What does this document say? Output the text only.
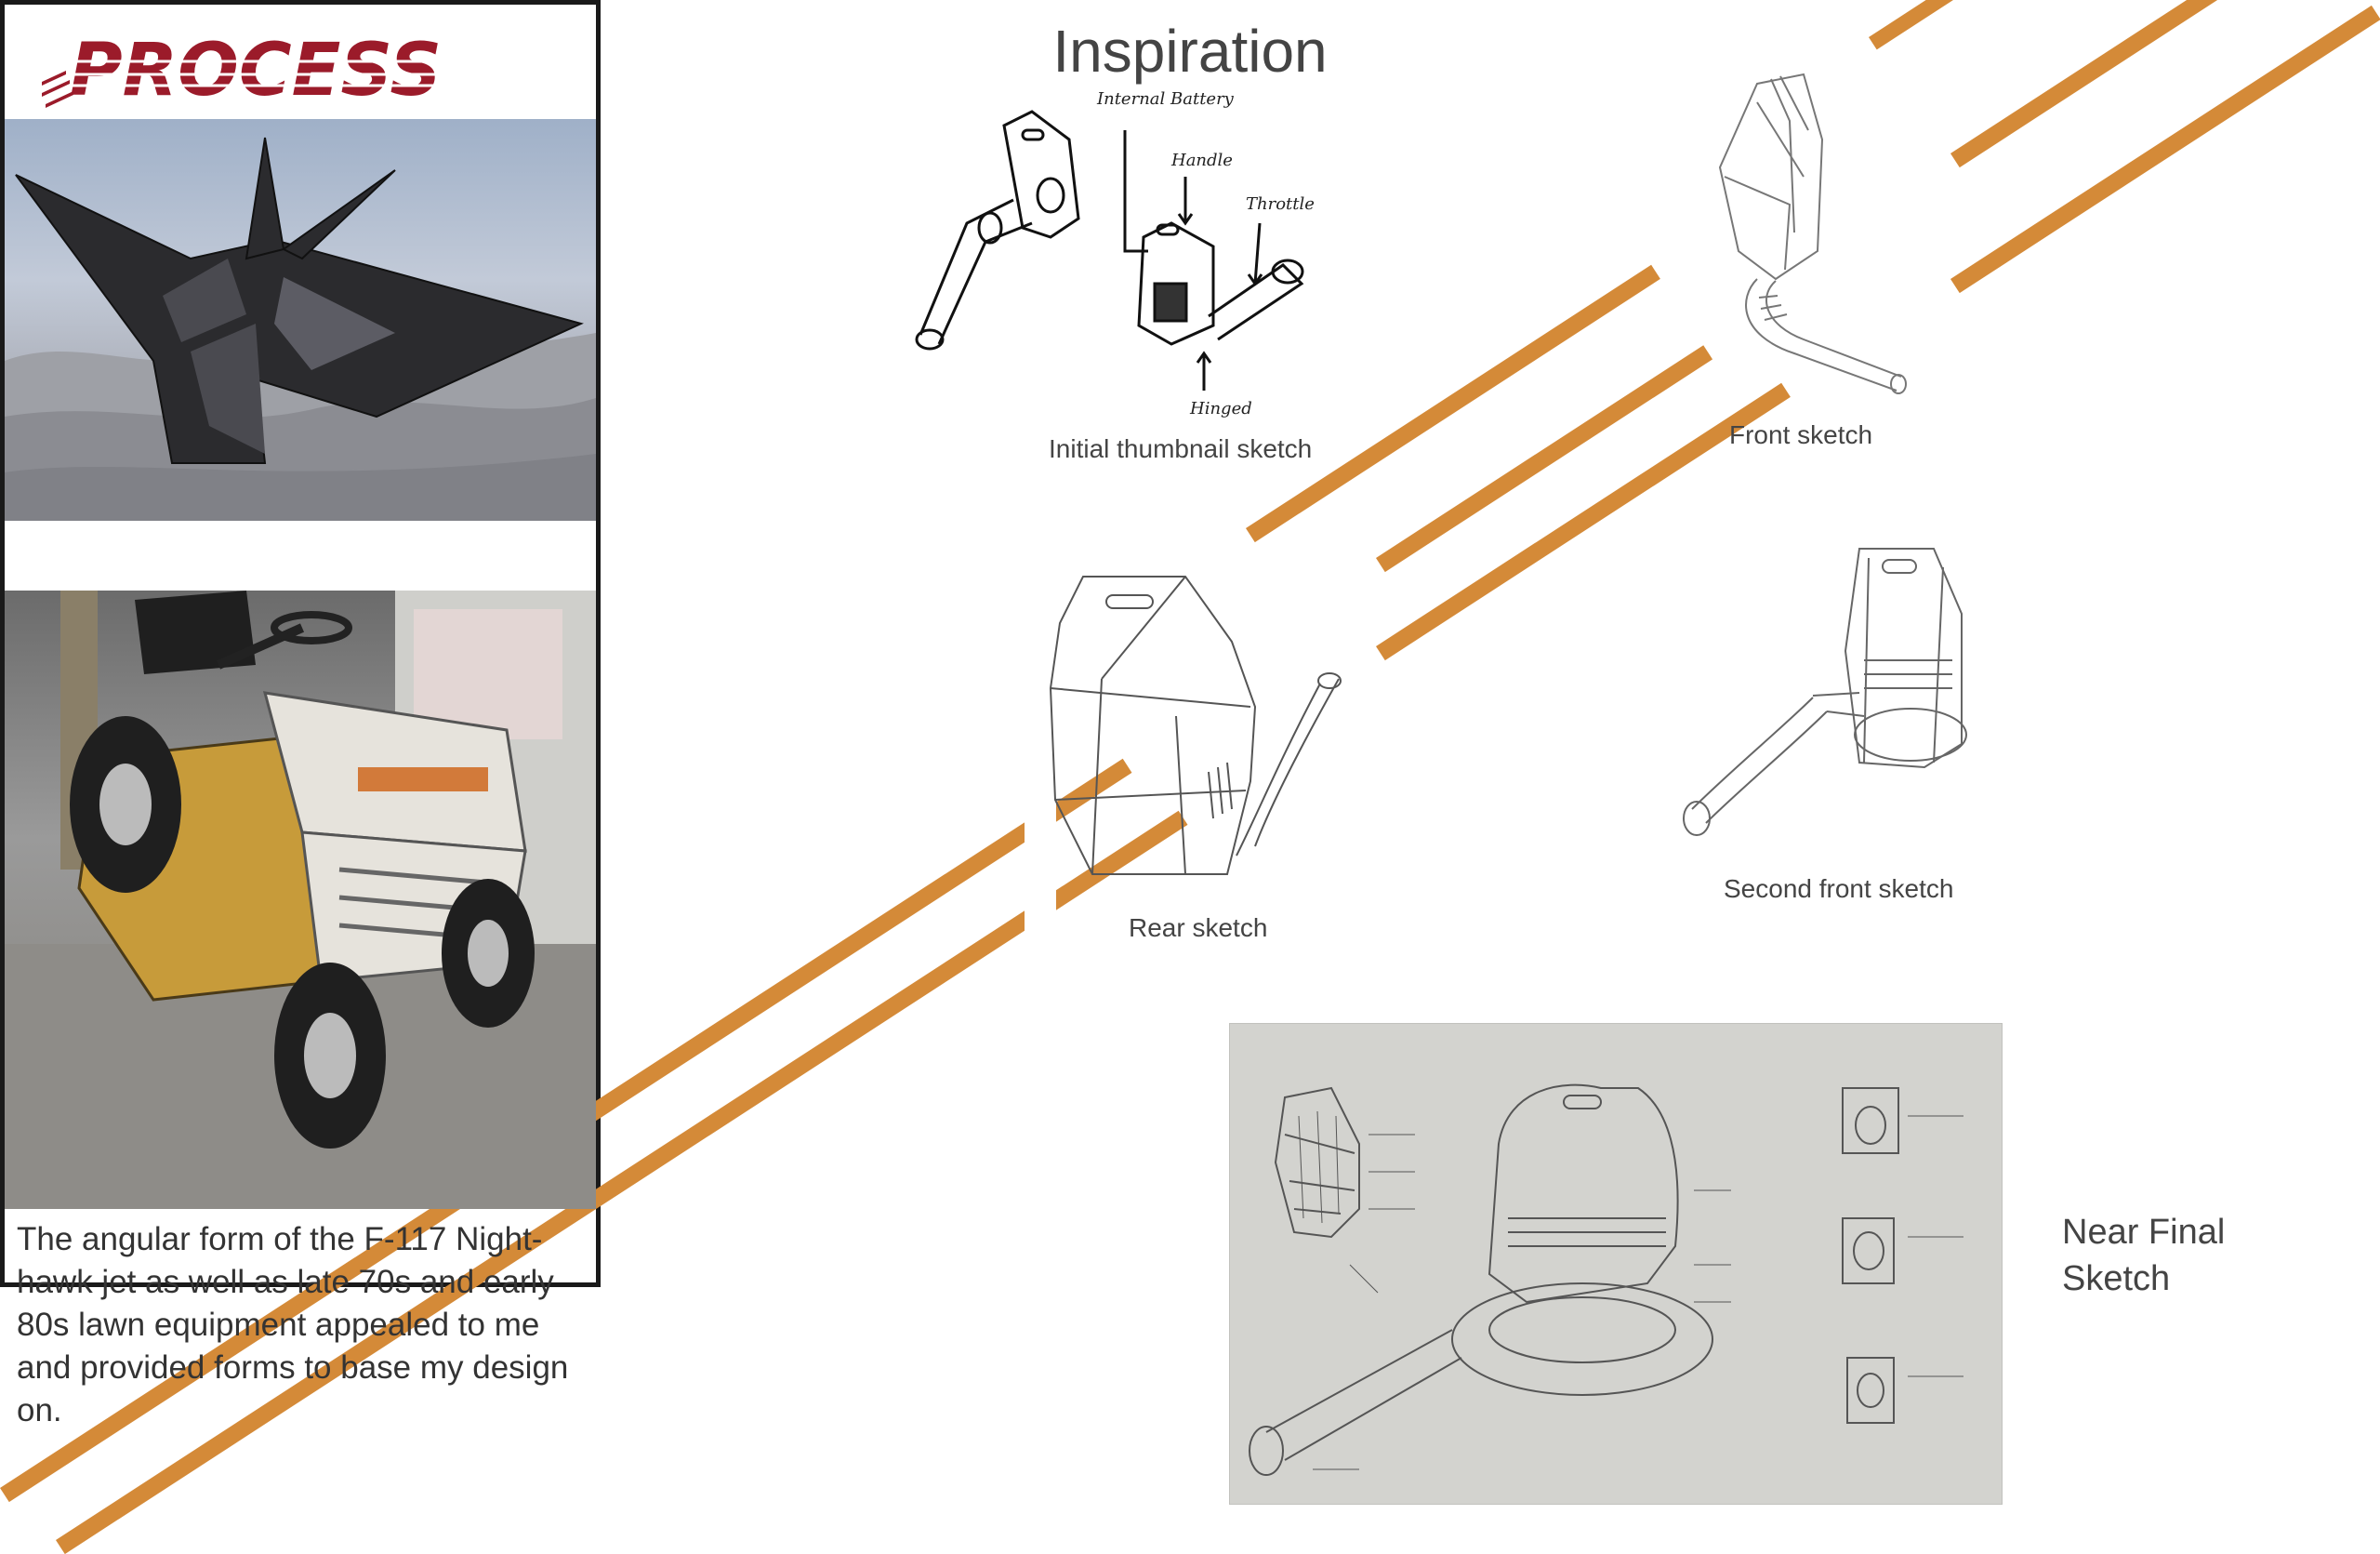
PROCESS	Inspiration
The angular form of the F-117 Night-hawk jet as well as late 70s and early 80s lawn equipment appealed to me and provided forms to base my design on.
Internal Battery
Handle
Throttle
Hinged
Initial thumbnail sketch	Front sketch
Rear sketch
Second front sketch
Near Final Sketch
